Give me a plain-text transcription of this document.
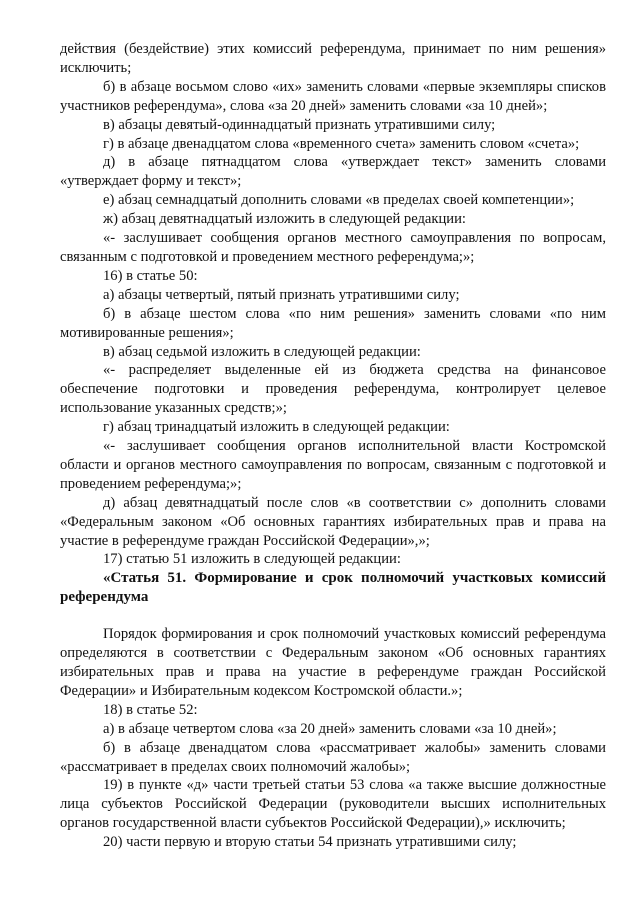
действия (бездействие) этих комиссий референдума, принимает по ним решения» исключить;

б) в абзаце восьмом слово «их» заменить словами «первые экземпляры списков участников референдума», слова «за 20 дней» заменить словами «за 10 дней»;

в) абзацы девятый-одиннадцатый признать утратившими силу;

г) в абзаце двенадцатом слова «временного счета» заменить словом «счета»;

д) в абзаце пятнадцатом слова «утверждает текст» заменить словами «утверждает форму и текст»;

е) абзац семнадцатый дополнить словами «в пределах своей компетенции»;

ж) абзац девятнадцатый изложить в следующей редакции:

«- заслушивает сообщения органов местного самоуправления по вопросам, связанным с подготовкой и проведением местного референдума;»;

16) в статье 50:

а) абзацы четвертый, пятый признать утратившими силу;

б) в абзаце шестом слова «по ним решения» заменить словами «по ним мотивированные решения»;

в) абзац седьмой изложить в следующей редакции:

«- распределяет выделенные ей из бюджета средства на финансовое обеспечение подготовки и проведения референдума, контролирует целевое использование указанных средств;»;

г) абзац тринадцатый изложить в следующей редакции:

«- заслушивает сообщения органов исполнительной власти Костромской области и органов местного самоуправления по вопросам, связанным с подготовкой и проведением референдума;»;

д) абзац девятнадцатый после слов «в соответствии с» дополнить словами «Федеральным законом «Об основных гарантиях избирательных прав и права на участие в референдуме граждан Российской Федерации»,»;

17) статью 51 изложить в следующей редакции:

«Статья 51. Формирование и срок полномочий участковых комиссий референдума

Порядок формирования и срок полномочий участковых комиссий референдума определяются в соответствии с Федеральным законом «Об основных гарантиях избирательных прав и права на участие в референдуме граждан Российской Федерации» и Избирательным кодексом Костромской области.»;

18) в статье 52:

а) в абзаце четвертом слова «за 20 дней» заменить словами «за 10 дней»;

б) в абзаце двенадцатом слова «рассматривает жалобы» заменить словами «рассматривает в пределах своих полномочий жалобы»;

19) в пункте «д» части третьей статьи 53 слова «а также высшие должностные лица субъектов Российской Федерации (руководители высших исполнительных органов государственной власти субъектов Российской Федерации),» исключить;

20) части первую и вторую статьи 54 признать утратившими силу;
